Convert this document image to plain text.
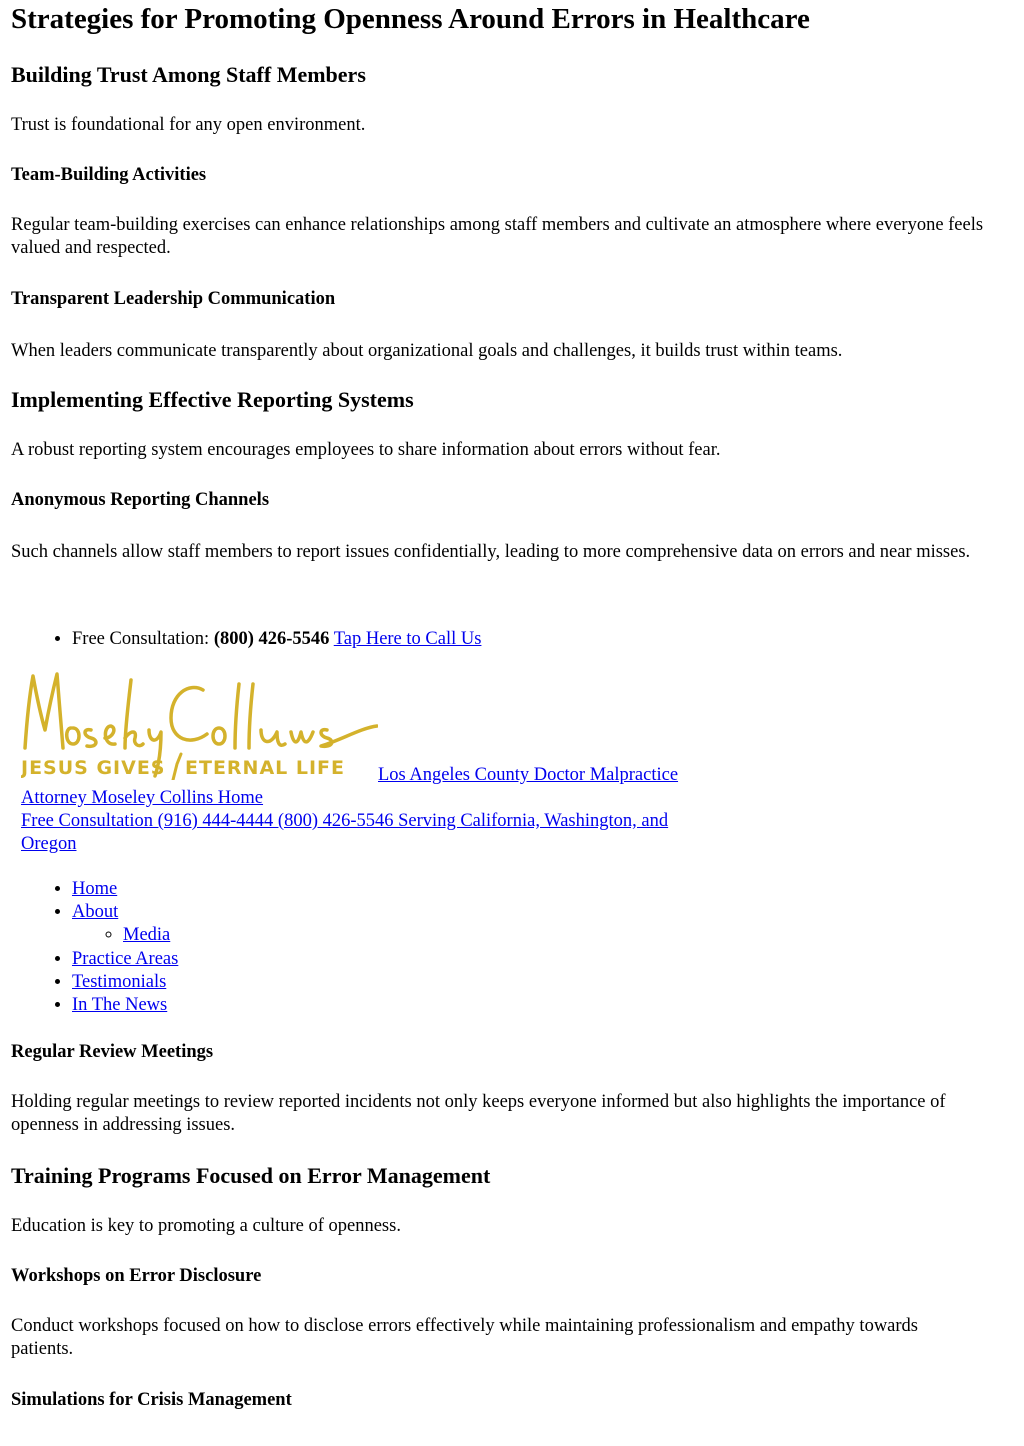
Strategies for Promoting Openness Around Errors in Healthcare
Building Trust Among Staff Members

Trust is foundational for any open environment.

Team-Building Activities

Regular team-building exercises can enhance relationships among staff members and cultivate an atmosphere where everyone feels valued and respected.

Transparent Leadership Communication

When leaders communicate transparently about organizational goals and challenges, it builds trust within teams.

Implementing Effective Reporting Systems

A robust reporting system encourages employees to share information about errors without fear.

Anonymous Reporting Channels

Such channels allow staff members to report issues confidentially, leading to more comprehensive data on errors and near misses.

• Free Consultation: (800) 426-5546 Tap Here to Call Us
JESUS GIVES ETERNAL LIFE Los Angeles County Doctor Malpractice Attorney Moseley Collins Home
Free Consultation (916) 444-4444 (800) 426-5546 Serving California, Washington, and Oregon
• Home
• About
◦ Media
• Practice Areas
• Testimonials
• In The News
Regular Review Meetings

Holding regular meetings to review reported incidents not only keeps everyone informed but also highlights the importance of openness in addressing issues.

Training Programs Focused on Error Management

Education is key to promoting a culture of openness.

Workshops on Error Disclosure

Conduct workshops focused on how to disclose errors effectively while maintaining professionalism and empathy towards patients.

Simulations for Crisis Management
